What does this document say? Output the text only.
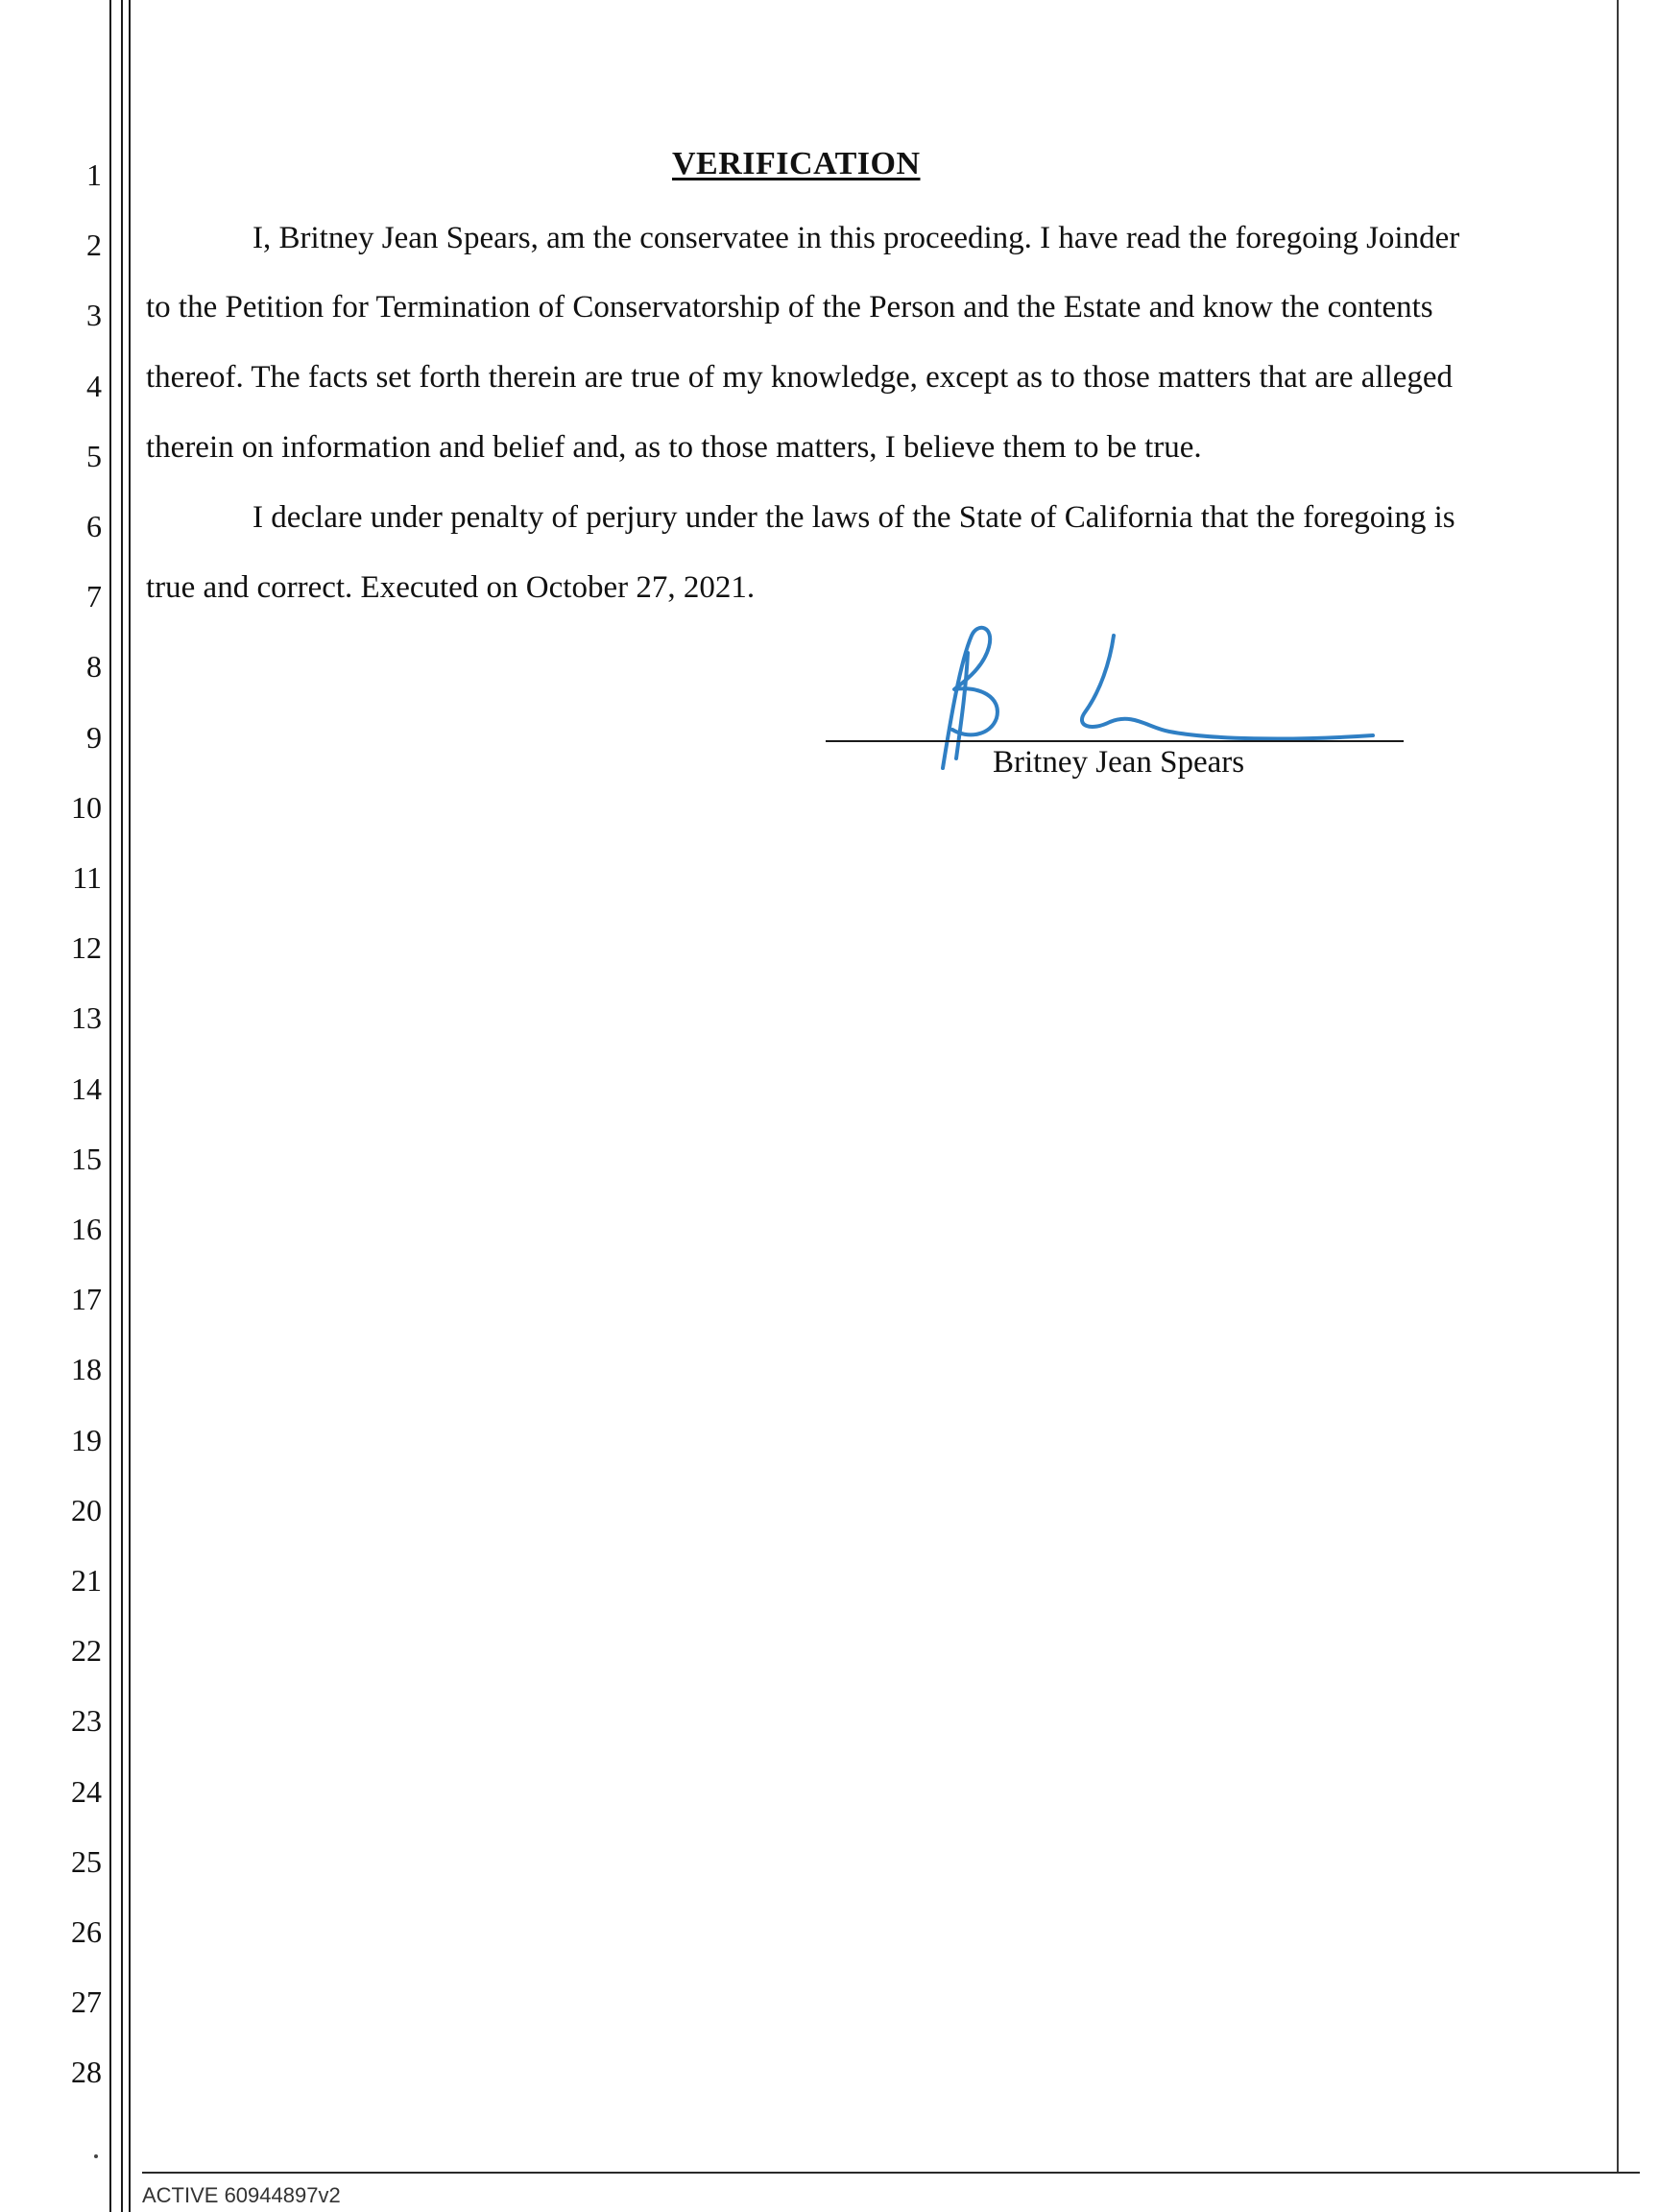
1
2
3
4
5
6
7
8
9
10
11
12
13
14
15
16
17
18
19
20
21
22
23
24
25
26
27
28
VERIFICATION
I, Britney Jean Spears, am the conservatee in this proceeding. I have read the foregoing Joinder
to the Petition for Termination of Conservatorship of the Person and the Estate and know the contents
thereof. The facts set forth therein are true of my knowledge, except as to those matters that are alleged
therein on information and belief and, as to those matters, I believe them to be true.
I declare under penalty of perjury under the laws of the State of California that the foregoing is
true and correct. Executed on October 27, 2021.
Britney Jean Spears
ACTIVE 60944897v2
